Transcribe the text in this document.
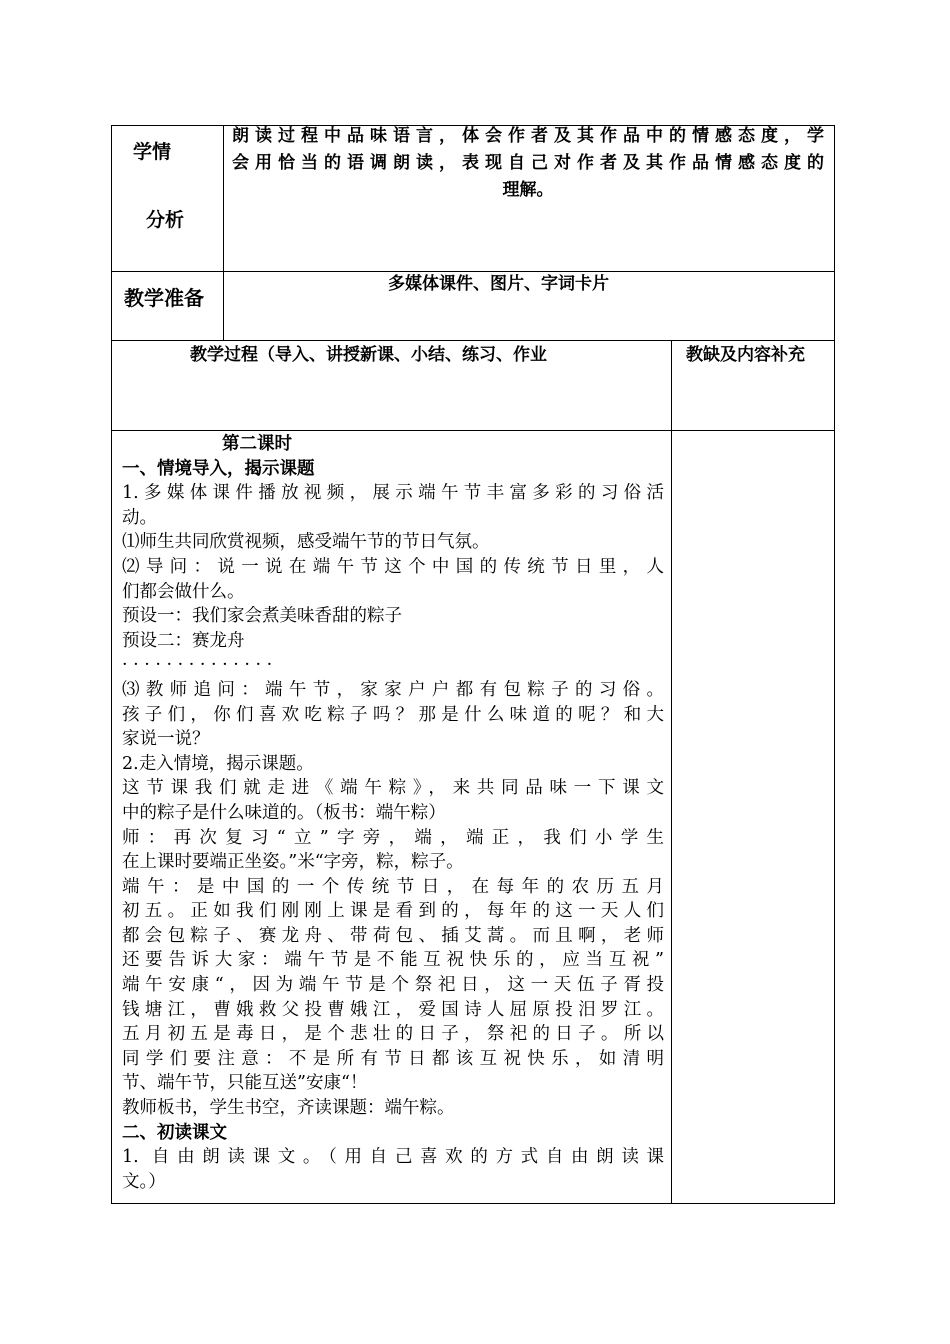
学情
分析
朗读过程中品味语言，体会作者及其作品中的情感态度，学
会用恰当的语调朗读，表现自己对作者及其作品情感态度的
理解。
教学准备
多媒体课件、图片、字词卡片
教学过程（导入、讲授新课、小结、练习、作业	教缺及内容补充
第二课时
一、情境导入，揭示课题
1.多媒体课件播放视频，展示端午节丰富多彩的习俗活
动。
⑴师生共同欣赏视频，感受端午节的节日气氛。
⑵导问：说一说在端午节这个中国的传统节日里，人
们都会做什么。
预设一：我们家会煮美味香甜的粽子
预设二：赛龙舟
· · · · · · · · · · · · · ·
⑶教师追问：端午节，家家户户都有包粽子的习俗。
孩子们，你们喜欢吃粽子吗？那是什么味道的呢？和大
家说一说？
2.走入情境，揭示课题。
这节课我们就走进《端午粽》，来共同品味一下课文
中的粽子是什么味道的。（板书：端午粽）
师：再次复习“立”字旁，端，端正，我们小学生
在上课时要端正坐姿。”米“字旁，粽，粽子。
端午：是中国的一个传统节日，在每年的农历五月
初五。正如我们刚刚上课是看到的，每年的这一天人们
都会包粽子、赛龙舟、带荷包、插艾蒿。而且啊，老师
还要告诉大家：端午节是不能互祝快乐的，应当互祝”
端午安康“，因为端午节是个祭祀日，这一天伍子胥投
钱塘江，曹娥救父投曹娥江，爱国诗人屈原投汨罗江。
五月初五是毒日，是个悲壮的日子，祭祀的日子。所以
同学们要注意：不是所有节日都该互祝快乐，如清明
节、端午节，只能互送”安康“！
教师板书，学生书空，齐读课题：端午粽。
二、初读课文
1. 自由朗读课文。（用自己喜欢的方式自由朗读课
文。）
